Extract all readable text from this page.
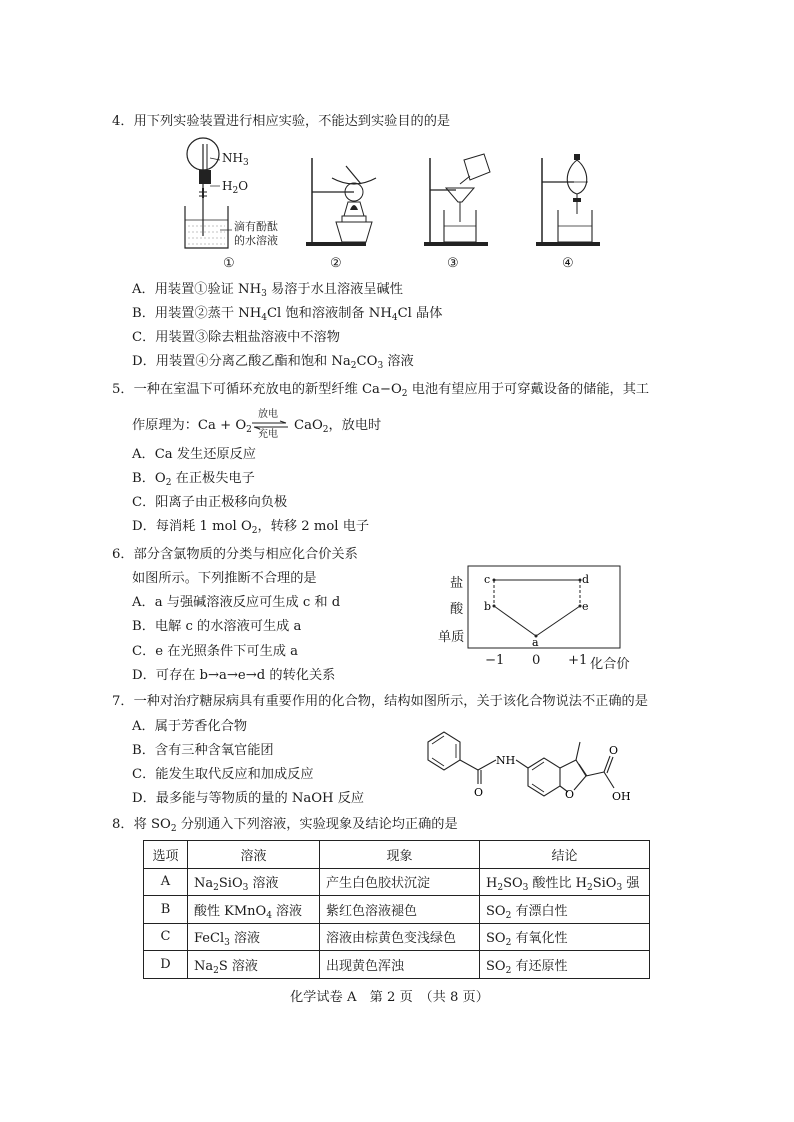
4．用下列实验装置进行相应实验，不能达到实验目的的是
$NH_3$
$H_2O$
滴有酚酞
的水溶液
①	②	③	④
A．用装置①验证 $NH_3$ 易溶于水且溶液呈碱性
B．用装置②蒸干 $NH_4Cl$ 饱和溶液制备 $NH_4Cl$ 晶体
C．用装置③除去粗盐溶液中不溶物
D．用装置④分离乙酸乙酯和饱和 $Na_2CO_3$ 溶液
5．一种在室温下可循环充放电的新型纤维 $Ca-O_2$ 电池有望应用于可穿戴设备的储能，其工
作原理为：$Ca + O_2$
放电
充电
CaO$_2$，放电时
A．Ca 发生还原反应
B．$O_2$ 在正极失电子
C．阳离子由正极移向负极
D．每消耗 1 mol $O_2$，转移 2 mol 电子
6．部分含氯物质的分类与相应化合价关系
如图所示。下列推断不合理的是
A．a 与强碱溶液反应可生成 c 和 d
B．电解 c 的水溶液可生成 a
C．e 在光照条件下可生成 a
D．可存在 b→a→e→d 的转化关系
盐
酸
单质
c	d
b	e
a
−1 0 +1 化合价
7．一种对治疗糖尿病具有重要作用的化合物，结构如图所示，关于该化合物说法不正确的是
A．属于芳香化合物
B．含有三种含氧官能团
C．能发生取代反应和加成反应
D．最多能与等物质的量的 NaOH 反应
NH
O	O
O
OH
8．将 $SO_2$ 分别通入下列溶液，实验现象及结论均正确的是
选项	溶液	现象	结论
A	$Na_2SiO_3$ 溶液	产生白色胶状沉淀	$H_2SO_3$ 酸性比 $H_2SiO_3$ 强
B	酸性 KMnO$_4$ 溶液	紫红色溶液褪色	$SO_2$ 有漂白性
C	FeCl$_3$ 溶液	溶液由棕黄色变浅绿色	$SO_2$ 有氧化性
D	$Na_2S$ 溶液	出现黄色浑浊	$SO_2$ 有还原性
化学试卷 A　第 2 页　（共 8 页）
